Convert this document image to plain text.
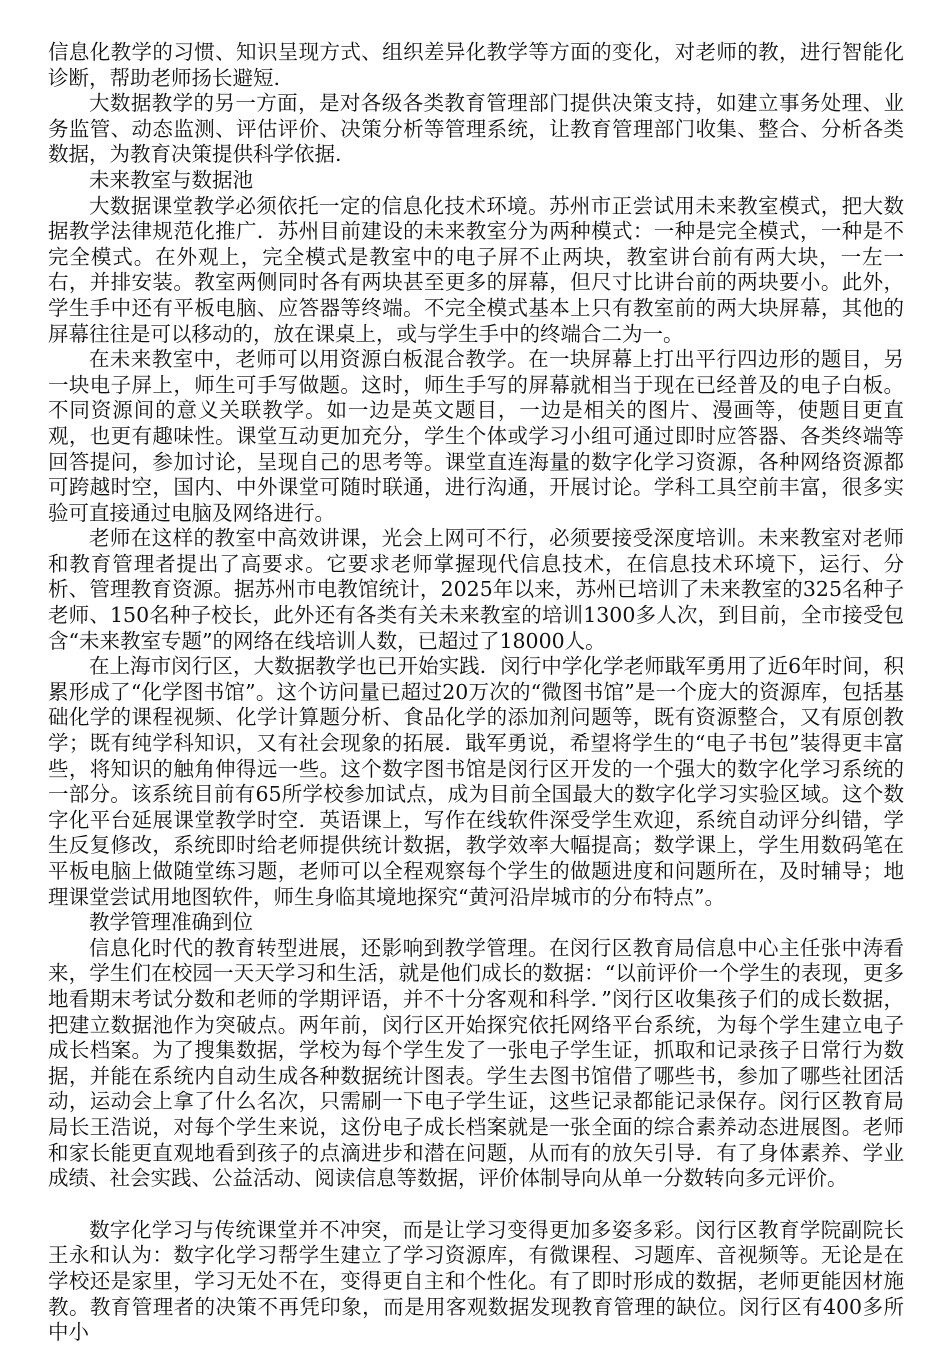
信息化教学的习惯、知识呈现方式、组织差异化教学等方面的变化，对老师的教，进行智能化诊断，帮助老师扬长避短.

大数据教学的另一方面，是对各级各类教育管理部门提供决策支持，如建立事务处理、业务监管、动态监测、评估评价、决策分析等管理系统，让教育管理部门收集、整合、分析各类数据，为教育决策提供科学依据.

未来教室与数据池

大数据课堂教学必须依托一定的信息化技术环境。苏州市正尝试用未来教室模式，把大数据教学法律规范化推广．苏州目前建设的未来教室分为两种模式：一种是完全模式，一种是不完全模式。在外观上，完全模式是教室中的电子屏不止两块，教室讲台前有两大块，一左一右，并排安装。教室两侧同时各有两块甚至更多的屏幕，但尺寸比讲台前的两块要小。此外，学生手中还有平板电脑、应答器等终端。不完全模式基本上只有教室前的两大块屏幕，其他的屏幕往往是可以移动的，放在课桌上，或与学生手中的终端合二为一。

在未来教室中，老师可以用资源白板混合教学。在一块屏幕上打出平行四边形的题目，另一块电子屏上，师生可手写做题。这时，师生手写的屏幕就相当于现在已经普及的电子白板。不同资源间的意义关联教学。如一边是英文题目，一边是相关的图片、漫画等，使题目更直观，也更有趣味性。课堂互动更加充分，学生个体或学习小组可通过即时应答器、各类终端等回答提问，参加讨论，呈现自己的思考等。课堂直连海量的数字化学习资源，各种网络资源都可跨越时空，国内、中外课堂可随时联通，进行沟通，开展讨论。学科工具空前丰富，很多实验可直接通过电脑及网络进行。

老师在这样的教室中高效讲课，光会上网可不行，必须要接受深度培训。未来教室对老师和教育管理者提出了高要求。它要求老师掌握现代信息技术，在信息技术环境下，运行、分析、管理教育资源。据苏州市电教馆统计，2025年以来，苏州已培训了未来教室的325名种子老师、150名种子校长，此外还有各类有关未来教室的培训1300多人次，到目前，全市接受包含“未来教室专题”的网络在线培训人数，已超过了18000人。

在上海市闵行区，大数据教学也已开始实践．闵行中学化学老师戢军勇用了近6年时间，积累形成了“化学图书馆”。这个访问量已超过20万次的“微图书馆”是一个庞大的资源库，包括基础化学的课程视频、化学计算题分析、食品化学的添加剂问题等，既有资源整合，又有原创教学；既有纯学科知识，又有社会现象的拓展．戢军勇说，希望将学生的“电子书包”装得更丰富些，将知识的触角伸得远一些。这个数字图书馆是闵行区开发的一个强大的数字化学习系统的一部分。该系统目前有65所学校参加试点，成为目前全国最大的数字化学习实验区域。这个数字化平台延展课堂教学时空．英语课上，写作在线软件深受学生欢迎，系统自动评分纠错，学生反复修改，系统即时给老师提供统计数据，教学效率大幅提高；数学课上，学生用数码笔在平板电脑上做随堂练习题，老师可以全程观察每个学生的做题进度和问题所在，及时辅导；地理课堂尝试用地图软件，师生身临其境地探究“黄河沿岸城市的分布特点”。

教学管理准确到位

信息化时代的教育转型进展，还影响到教学管理。在闵行区教育局信息中心主任张中涛看来，学生们在校园一天天学习和生活，就是他们成长的数据：“以前评价一个学生的表现，更多地看期末考试分数和老师的学期评语，并不十分客观和科学．”闵行区收集孩子们的成长数据，把建立数据池作为突破点。两年前，闵行区开始探究依托网络平台系统，为每个学生建立电子成长档案。为了搜集数据，学校为每个学生发了一张电子学生证，抓取和记录孩子日常行为数据，并能在系统内自动生成各种数据统计图表。学生去图书馆借了哪些书，参加了哪些社团活动，运动会上拿了什么名次，只需刷一下电子学生证，这些记录都能记录保存。闵行区教育局局长王浩说，对每个学生来说，这份电子成长档案就是一张全面的综合素养动态进展图。老师和家长能更直观地看到孩子的点滴进步和潜在问题，从而有的放矢引导．有了身体素养、学业成绩、社会实践、公益活动、阅读信息等数据，评价体制导向从单一分数转向多元评价。

数字化学习与传统课堂并不冲突，而是让学习变得更加多姿多彩。闵行区教育学院副院长王永和认为：数字化学习帮学生建立了学习资源库，有微课程、习题库、音视频等。无论是在学校还是家里，学习无处不在，变得更自主和个性化。有了即时形成的数据，老师更能因材施教。教育管理者的决策不再凭印象，而是用客观数据发现教育管理的缺位。闵行区有400多所中小
